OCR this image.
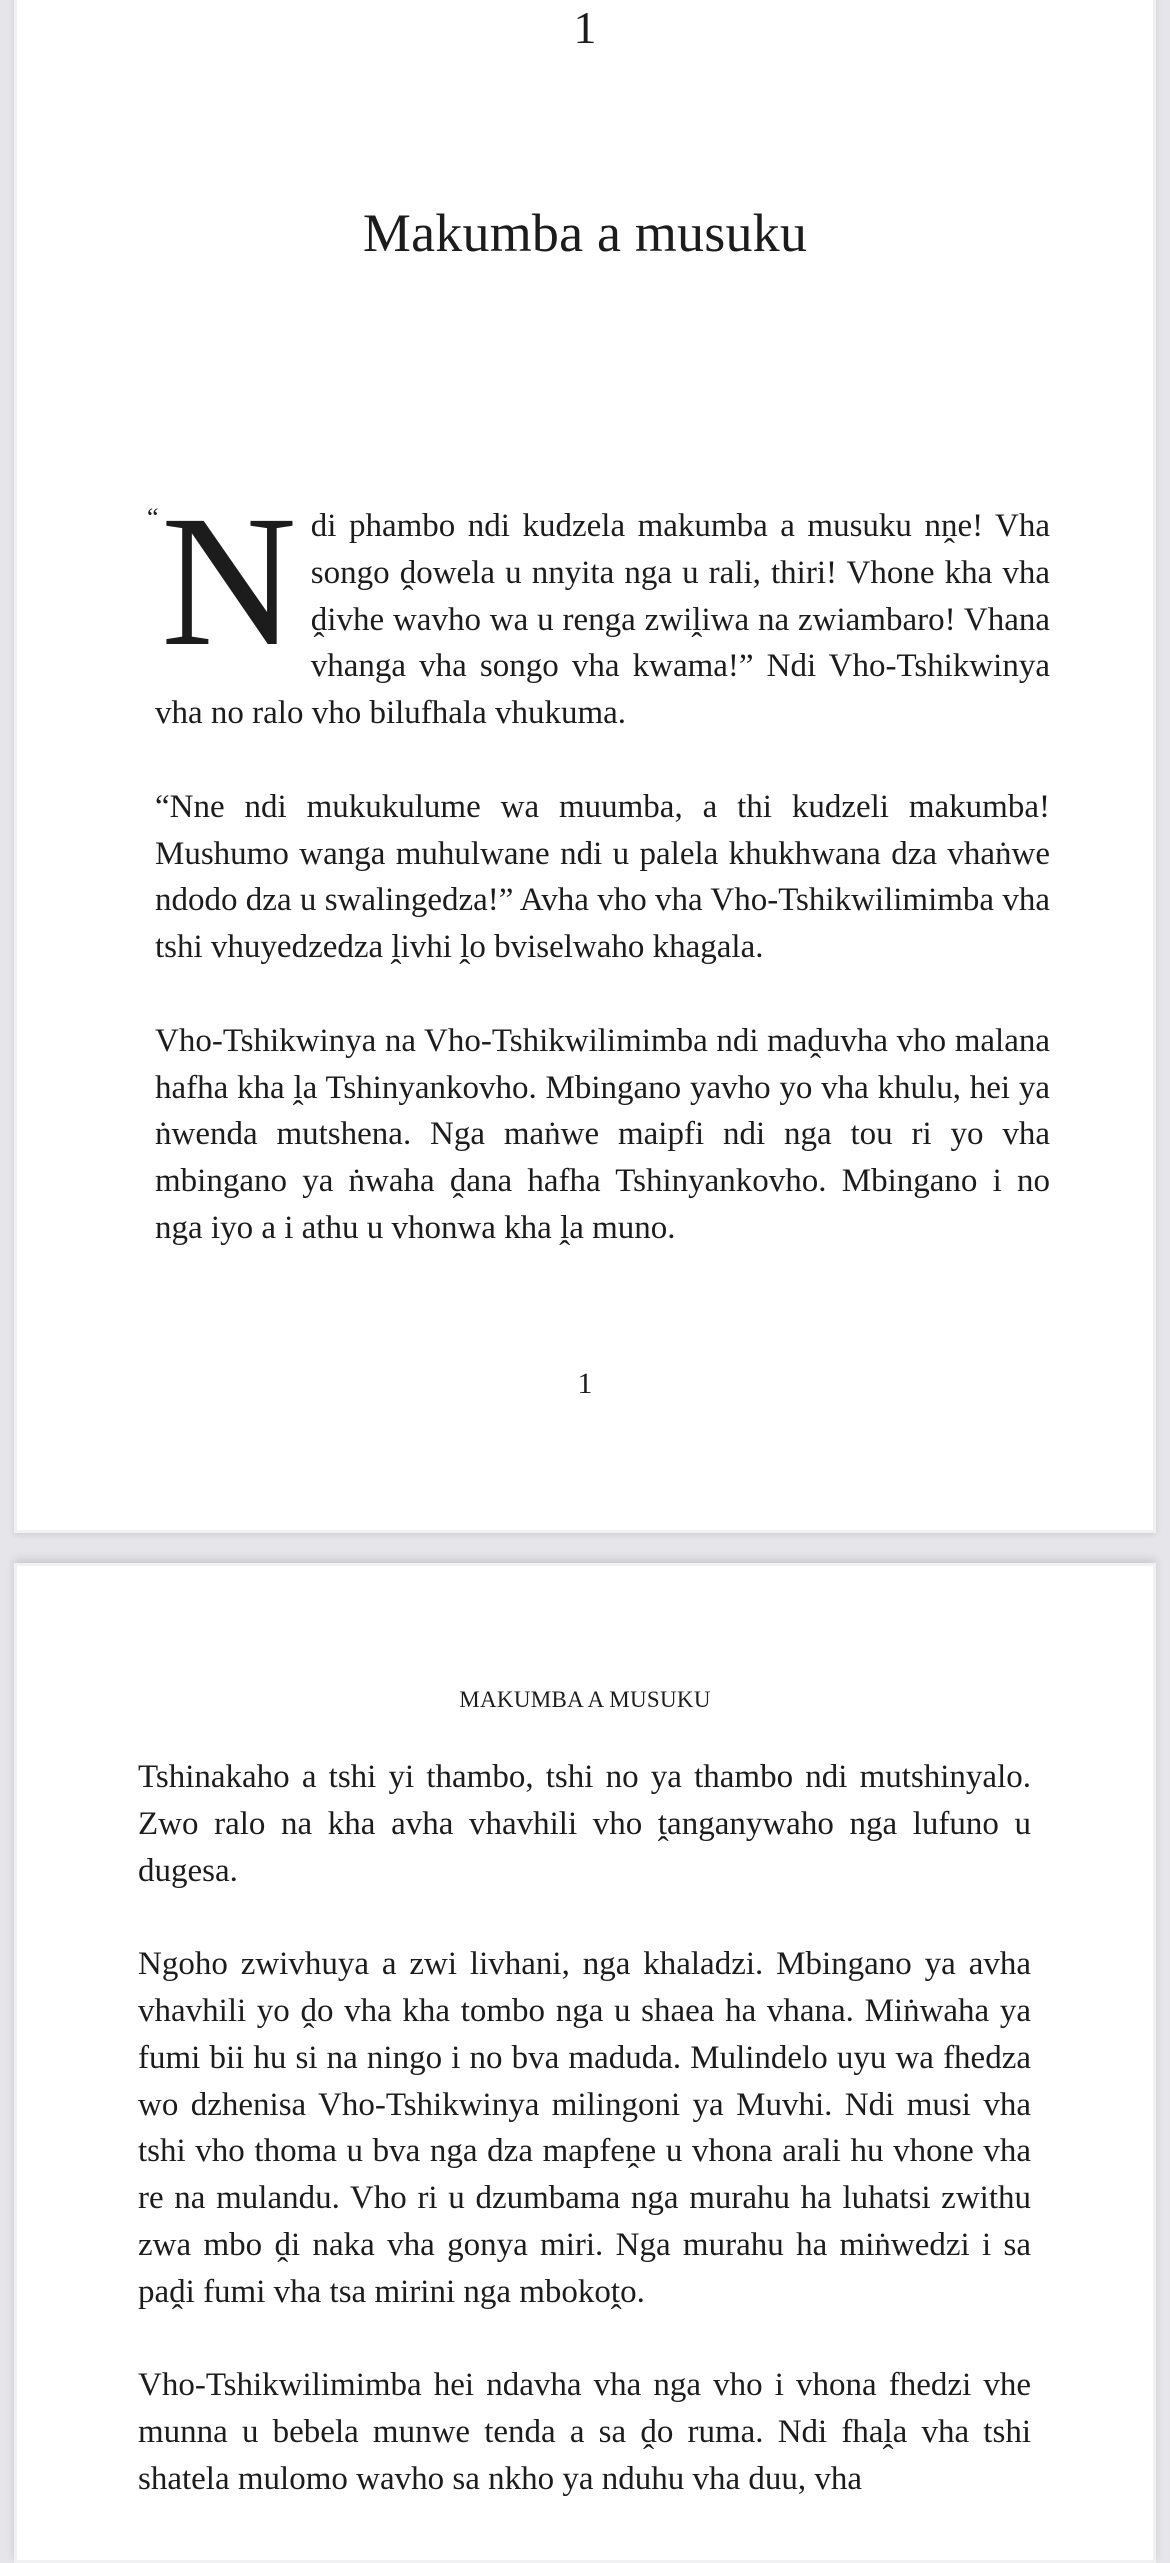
1
Makumba a musuku

“ N di phambo ndi kudzela makumba a musuku nṋe! Vha songo ḓowela u nnyita nga u rali, thiri! Vhone kha vha ḓivhe wavho wa u renga zwiḽiwa na zwiambaro! Vhana vhanga vha songo vha kwama!” Ndi Vho-Tshikwinya vha no ralo vho bilufhala vhukuma.

“Nne ndi mukukulume wa muumba, a thi kudzeli makumba! Mushumo wanga muhulwane ndi u palela khukhwana dza vhaṅwe ndodo dza u swalingedza!” Avha vho vha Vho-Tshikwilimimba vha tshi vhuyedzedza ḽivhi ḽo bviselwaho khagala.

Vho-Tshikwinya na Vho-Tshikwilimimba ndi maḓuvha vho malana hafha kha ḽa Tshinyankovho. Mbingano yavho yo vha khulu, hei ya ṅwenda mutshena. Nga maṅwe maipfi ndi nga tou ri yo vha mbingano ya ṅwaha ḓana hafha Tshinyankovho. Mbingano i no nga iyo a i athu u vhonwa kha ḽa muno.

1
MAKUMBA A MUSUKU

Tshinakaho a tshi yi thambo, tshi no ya thambo ndi mutshinyalo. Zwo ralo na kha avha vhavhili vho ṱanganywaho nga lufuno u dugesa.

Ngoho zwivhuya a zwi livhani, nga khaladzi. Mbingano ya avha vhavhili yo ḓo vha kha tombo nga u shaea ha vhana. Miṅwaha ya fumi bii hu si na ningo i no bva maduda. Mulindelo uyu wa fhedza wo dzhenisa Vho-Tshikwinya milingoni ya Muvhi. Ndi musi vha tshi vho thoma u bva nga dza mapfeṋe u vhona arali hu vhone vha re na mulandu. Vho ri u dzumbama nga murahu ha luhatsi zwithu zwa mbo ḓi naka vha gonya miri. Nga murahu ha miṅwedzi i sa paḓi fumi vha tsa mirini nga mbokoṱo.

Vho-Tshikwilimimba hei ndavha vha nga vho i vhona fhedzi vhe munna u bebela munwe tenda a sa ḓo ruma. Ndi fhaḽa vha tshi shatela mulomo wavho sa nkho ya nduhu vha duu, vha
